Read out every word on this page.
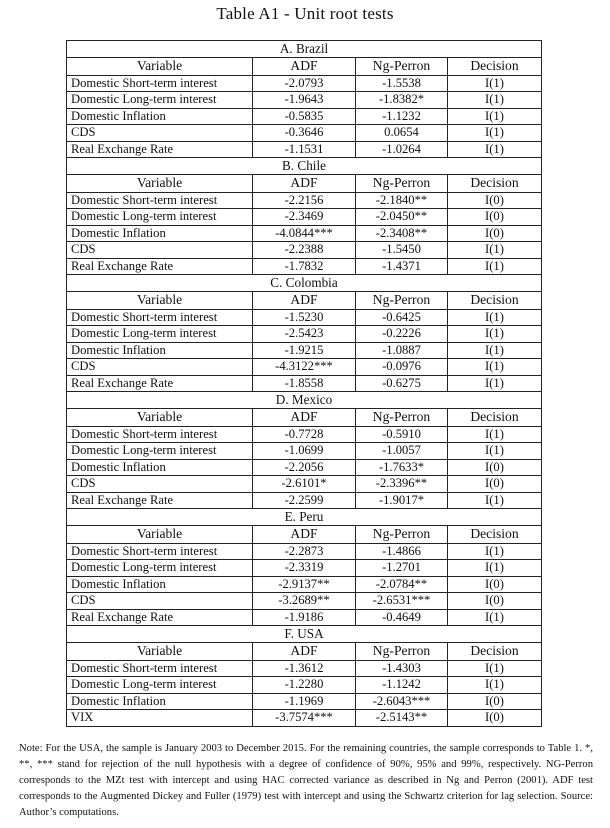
Table A1 - Unit root tests
A. Brazil			
Variable	ADF	Ng-Perron	Decision
Domestic Short-term interest	-2.0793	-1.5538	I(1)
Domestic Long-term interest	-1.9643	-1.8382*	I(1)
Domestic Inflation	-0.5835	-1.1232	I(1)
CDS	-0.3646	0.0654	I(1)
Real Exchange Rate	-1.1531	-1.0264	I(1)
B. Chile			
Variable	ADF	Ng-Perron	Decision
Domestic Short-term interest	-2.2156	-2.1840**	I(0)
Domestic Long-term interest	-2.3469	-2.0450**	I(0)
Domestic Inflation	-4.0844***	-2.3408**	I(0)
CDS	-2.2388	-1.5450	I(1)
Real Exchange Rate	-1.7832	-1.4371	I(1)
C. Colombia			
Variable	ADF	Ng-Perron	Decision
Domestic Short-term interest	-1.5230	-0.6425	I(1)
Domestic Long-term interest	-2.5423	-0.2226	I(1)
Domestic Inflation	-1.9215	-1.0887	I(1)
CDS	-4.3122***	-0.0976	I(1)
Real Exchange Rate	-1.8558	-0.6275	I(1)
D. Mexico			
Variable	ADF	Ng-Perron	Decision
Domestic Short-term interest	-0.7728	-0.5910	I(1)
Domestic Long-term interest	-1.0699	-1.0057	I(1)
Domestic Inflation	-2.2056	-1.7633*	I(0)
CDS	-2.6101*	-2.3396**	I(0)
Real Exchange Rate	-2.2599	-1.9017*	I(1)
E. Peru			
Variable	ADF	Ng-Perron	Decision
Domestic Short-term interest	-2.2873	-1.4866	I(1)
Domestic Long-term interest	-2.3319	-1.2701	I(1)
Domestic Inflation	-2.9137**	-2.0784**	I(0)
CDS	-3.2689**	-2.6531***	I(0)
Real Exchange Rate	-1.9186	-0.4649	I(1)
F. USA			
Variable	ADF	Ng-Perron	Decision
Domestic Short-term interest	-1.3612	-1.4303	I(1)
Domestic Long-term interest	-1.2280	-1.1242	I(1)
Domestic Inflation	-1.1969	-2.6043***	I(0)
VIX	-3.7574***	-2.5143**	I(0)
Note: For the USA, the sample is January 2003 to December 2015. For the remaining countries, the sample corresponds to Table 1. *, **, *** stand for rejection of the null hypothesis with a degree of confidence of 90%, 95% and 99%, respectively. NG-Perron corresponds to the MZt test with intercept and using HAC corrected variance as described in Ng and Perron (2001). ADF test corresponds to the Augmented Dickey and Fuller (1979) test with intercept and using the Schwartz criterion for lag selection. Source: Author’s computations.
